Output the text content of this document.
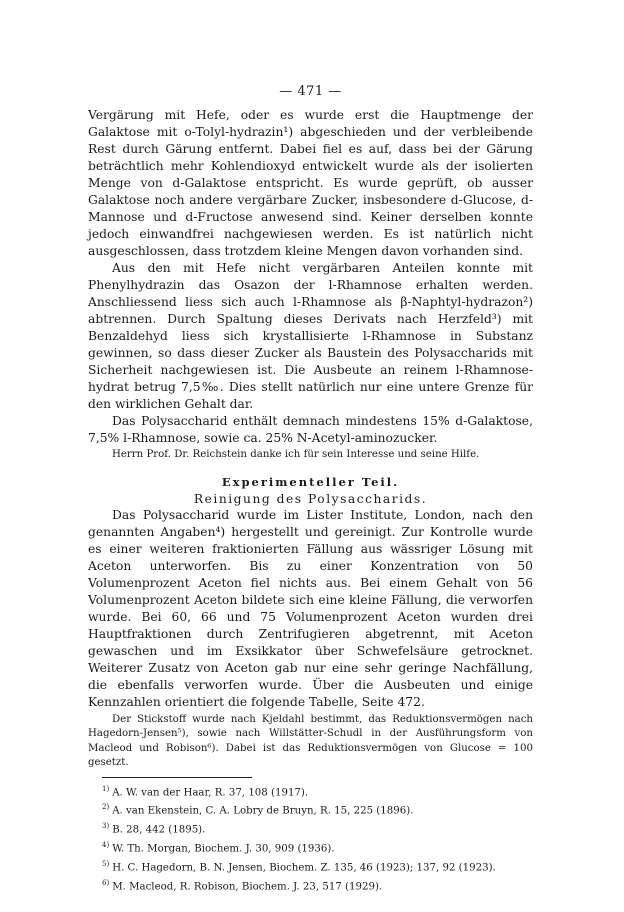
— 471 —

Vergärung mit Hefe, oder es wurde erst die Hauptmenge der Galaktose mit o-Tolyl-hydrazin¹) abgeschieden und der verbleibende Rest durch Gärung entfernt. Dabei fiel es auf, dass bei der Gärung beträchtlich mehr Kohlendioxyd entwickelt wurde als der isolierten Menge von d-Galaktose entspricht. Es wurde geprüft, ob ausser Galaktose noch andere vergärbare Zucker, insbesondere d-Glucose, d-Mannose und d-Fructose anwesend sind. Keiner derselben konnte jedoch einwandfrei nachgewiesen werden. Es ist natürlich nicht ausgeschlossen, dass trotzdem kleine Mengen davon vorhanden sind.

Aus den mit Hefe nicht vergärbaren Anteilen konnte mit Phenylhydrazin das Osazon der l-Rhamnose erhalten werden. Anschliessend liess sich auch l-Rhamnose als β-Naphtyl-hydrazon²) abtrennen. Durch Spaltung dieses Derivats nach Herzfeld³) mit Benzaldehyd liess sich krystallisierte l-Rhamnose in Substanz gewinnen, so dass dieser Zucker als Baustein des Polysaccharids mit Sicherheit nachgewiesen ist. Die Ausbeute an reinem l-Rhamnose-hydrat betrug 7,5‰. Dies stellt natürlich nur eine untere Grenze für den wirklichen Gehalt dar.

Das Polysaccharid enthält demnach mindestens 15% d-Galaktose, 7,5% l-Rhamnose, sowie ca. 25% N-Acetyl-aminozucker.

Herrn Prof. Dr. Reichstein danke ich für sein Interesse und seine Hilfe.

Experimenteller Teil.
Reinigung des Polysaccharids.

Das Polysaccharid wurde im Lister Institute, London, nach den genannten Angaben⁴) hergestellt und gereinigt. Zur Kontrolle wurde es einer weiteren fraktionierten Fällung aus wässriger Lösung mit Aceton unterworfen. Bis zu einer Konzentration von 50 Volumenprozent Aceton fiel nichts aus. Bei einem Gehalt von 56 Volumenprozent Aceton bildete sich eine kleine Fällung, die verworfen wurde. Bei 60, 66 und 75 Volumenprozent Aceton wurden drei Hauptfraktionen durch Zentrifugieren abgetrennt, mit Aceton gewaschen und im Exsikkator über Schwefelsäure getrocknet. Weiterer Zusatz von Aceton gab nur eine sehr geringe Nachfällung, die ebenfalls verworfen wurde. Über die Ausbeuten und einige Kennzahlen orientiert die folgende Tabelle, Seite 472.

Der Stickstoff wurde nach Kjeldahl bestimmt, das Reduktionsvermögen nach Hagedorn-Jensen⁵), sowie nach Willstätter-Schudl in der Ausführungsform von Macleod und Robison⁶). Dabei ist das Reduktionsvermögen von Glucose = 100 gesetzt.

$^{1)}$ A. W. van der Haar, R. 37, 108 (1917).
$^{2)}$ A. van Ekenstein, C. A. Lobry de Bruyn, R. 15, 225 (1896).
$^{3)}$ B. 28, 442 (1895).
$^{4)}$ W. Th. Morgan, Biochem. J. 30, 909 (1936).
$^{5)}$ H. C. Hagedorn, B. N. Jensen, Biochem. Z. 135, 46 (1923); 137, 92 (1923).
$^{6)}$ M. Macleod, R. Robison, Biochem. J. 23, 517 (1929).
